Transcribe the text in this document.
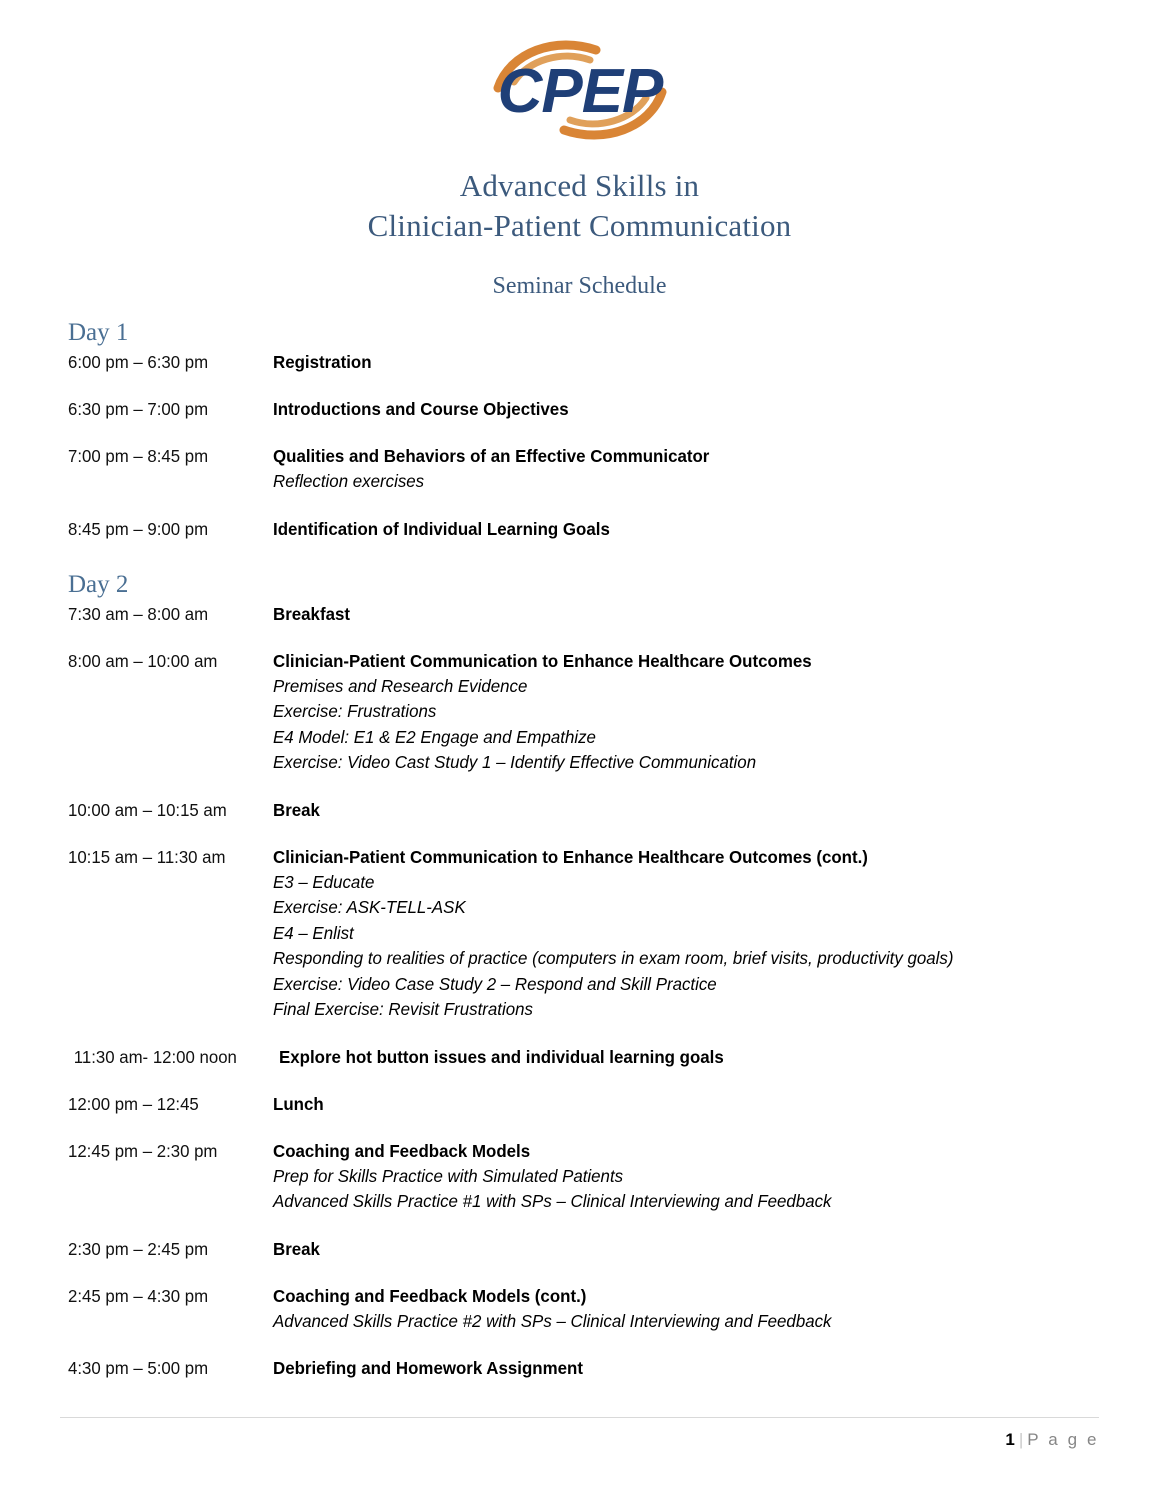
CPEP
Advanced Skills in
Clinician-Patient Communication
Seminar Schedule
Day 1
6:00 pm – 6:30 pm	Registration
6:30 pm – 7:00 pm	Introductions and Course Objectives
7:00 pm – 8:45 pm	Qualities and Behaviors of an Effective Communicator
Reflection exercises
8:45 pm – 9:00 pm	Identification of Individual Learning Goals
Day 2
7:30 am – 8:00 am	Breakfast
8:00 am – 10:00 am	Clinician-Patient Communication to Enhance Healthcare Outcomes
Premises and Research Evidence
Exercise: Frustrations
E4 Model: E1 & E2 Engage and Empathize
Exercise: Video Cast Study 1 – Identify Effective Communication
10:00 am – 10:15 am	Break
10:15 am – 11:30 am	Clinician-Patient Communication to Enhance Healthcare Outcomes (cont.)
E3 – Educate
Exercise: ASK-TELL-ASK
E4 – Enlist
Responding to realities of practice (computers in exam room, brief visits, productivity goals)
Exercise: Video Case Study 2 – Respond and Skill Practice
Final Exercise: Revisit Frustrations
11:30 am- 12:00 noon	Explore hot button issues and individual learning goals
12:00 pm – 12:45	Lunch
12:45 pm – 2:30 pm	Coaching and Feedback Models
Prep for Skills Practice with Simulated Patients
Advanced Skills Practice #1 with SPs – Clinical Interviewing and Feedback
2:30 pm – 2:45 pm	Break
2:45 pm – 4:30 pm	Coaching and Feedback Models (cont.)
Advanced Skills Practice #2 with SPs – Clinical Interviewing and Feedback
4:30 pm – 5:00 pm	Debriefing and Homework Assignment
1 | P a g e
